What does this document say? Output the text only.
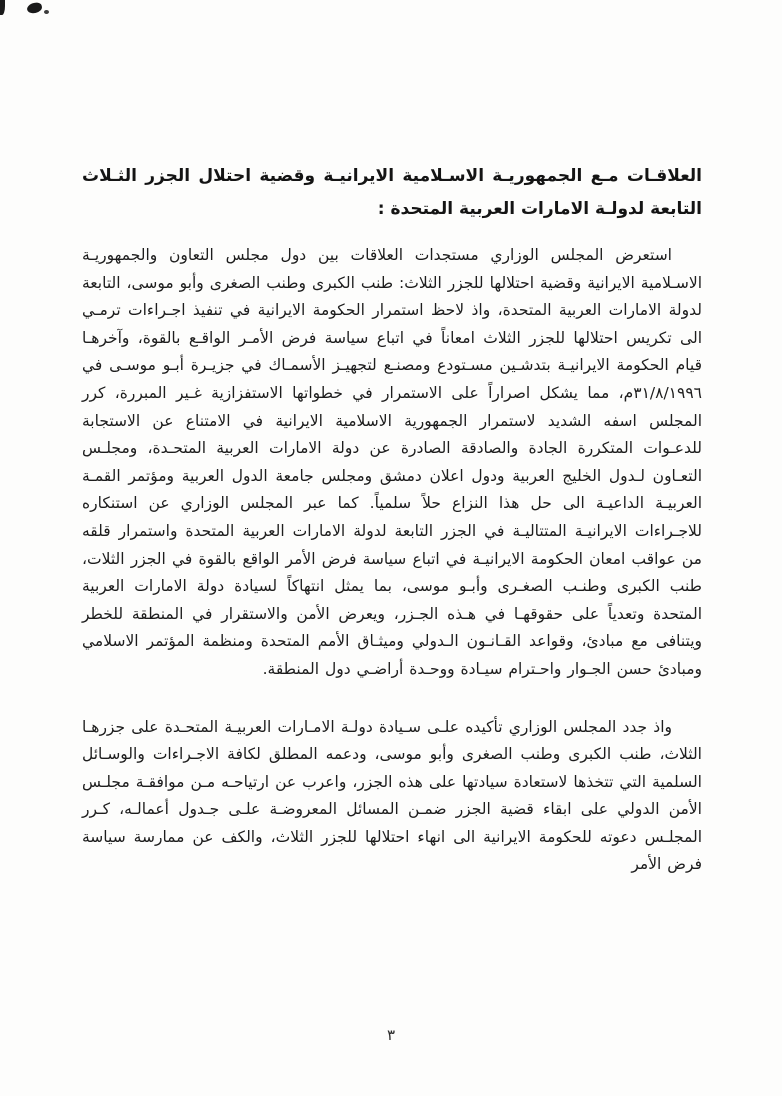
العلاقـات مـع الجمهوريـة الاسـلامية الايرانيـة وقضية احتلال الجزر الثـلاث التابعة لدولـة الامارات العربية المتحدة :

استعرض المجلس الوزاري مستجدات العلاقات بين دول مجلس التعاون والجمهوريـة الاسـلامية الايرانية وقضية احتلالها للجزر الثلاث: طنب الكبرى وطنب الصغرى وأبو موسى، التابعة لدولة الامارات العربية المتحدة، واذ لاحظ استمرار الحكومة الايرانية في تنفيذ اجـراءات ترمـي الى تكريس احتلالها للجزر الثلاث امعاناً في اتباع سياسة فرض الأمـر الواقـع بالقوة، وآخرهـا قيام الحكومة الايرانيـة بتدشـين مسـتودع ومصنـع لتجهيـز الأسمـاك في جزيـرة أبـو موسـى في ٣١/٨/١٩٩٦م، مما يشكل اصراراً على الاستمرار في خطواتها الاستفزازية غـير المبررة، كرر المجلس اسفه الشديد لاستمرار الجمهورية الاسلامية الايرانية في الامتناع عن الاستجابة للدعـوات المتكررة الجادة والصادقة الصادرة عن دولة الامارات العربية المتحـدة، ومجلـس التعـاون لـدول الخليج العربية ودول اعلان دمشق ومجلس جامعة الدول العربية ومؤتمر القمـة العربيـة الداعيـة الى حل هذا النزاع حلاً سلمياً. كما عبر المجلس الوزاري عن استنكاره للاجـراءات الايرانيـة المتتاليـة في الجزر التابعة لدولة الامارات العربية المتحدة واستمرار قلقه من عواقب امعان الحكومة الايرانيـة في اتباع سياسة فرض الأمر الواقع بالقوة في الجزر الثلات، طنب الكبرى وطنـب الصغـرى وأبـو موسى، بما يمثل انتهاكاً لسيادة دولة الامارات العربية المتحدة وتعدياً على حقوقهـا في هـذه الجـزر، ويعرض الأمن والاستقرار في المنطقة للخطر ويتنافى مع مبادئ، وقواعد القـانـون الـدولي وميثـاق الأمم المتحدة ومنظمة المؤتمر الاسلامي ومبادئ حسن الجـوار واحـترام سيـادة ووحـدة أراضـي دول المنطقة.

واذ جدد المجلس الوزاري تأكيده علـى سـيادة دولـة الامـارات العربيـة المتحـدة على جزرهـا الثلاث، طنب الكبرى وطنب الصغرى وأبو موسى، ودعمه المطلق لكافة الاجـراءات والوسـائل السلمية التي تتخذها لاستعادة سيادتها على هذه الجزر، واعرب عن ارتياحـه مـن موافقـة مجلـس الأمن الدولي على ابقاء قضية الجزر ضمـن المسائل المعروضـة علـى جـدول أعمالـه، كـرر المجلـس دعوته للحكومة الايرانية الى انهاء احتلالها للجزر الثلاث، والكف عن ممارسة سياسة فرض الأمر

٣
